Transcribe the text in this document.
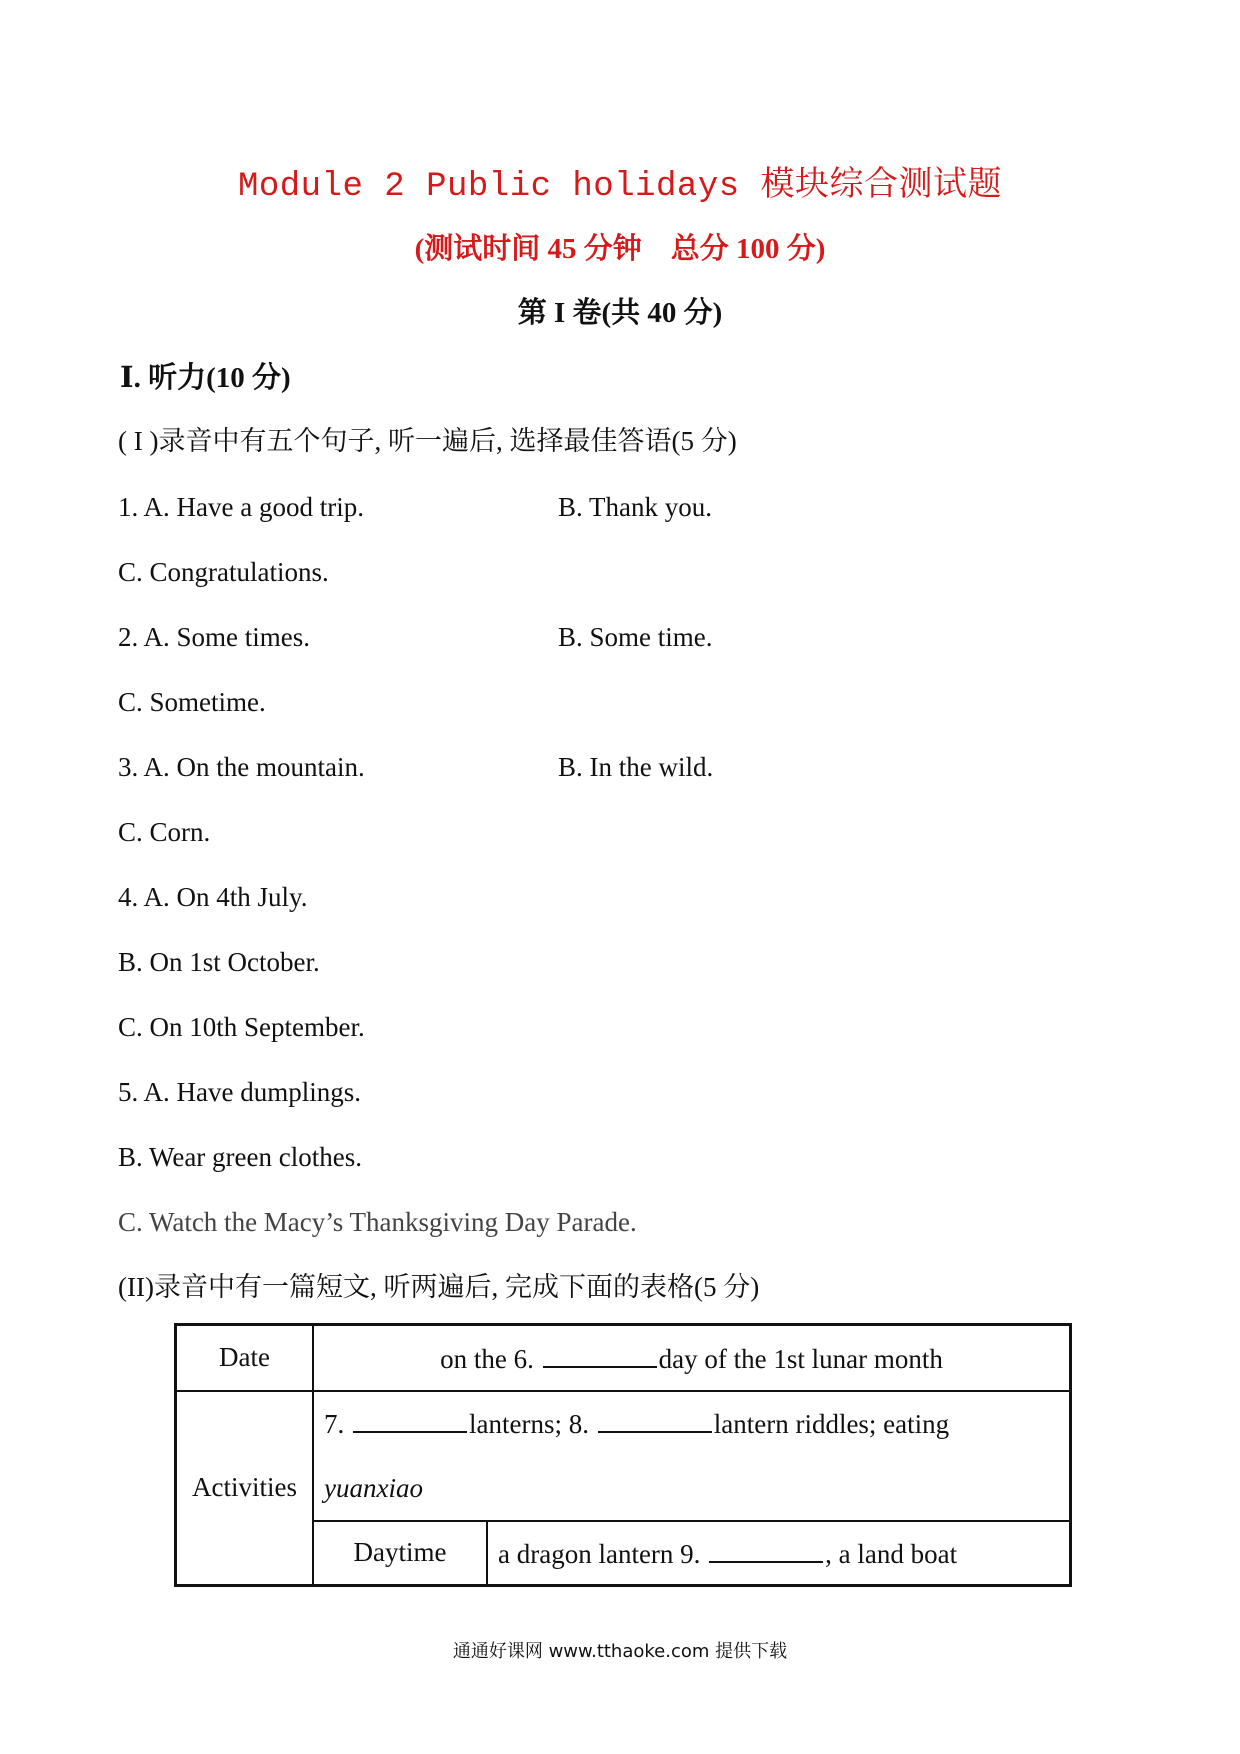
Module 2 Public holidays 模块综合测试题
(测试时间 45 分钟    总分 100 分)
第 I 卷(共 40 分)
Ⅰ. 听力(10 分)
( I )录音中有五个句子, 听一遍后, 选择最佳答语(5 分)
1. A. Have a good trip.	B. Thank you.
C. Congratulations.
2. A. Some times.	B. Some time.
C. Sometime.
3. A. On the mountain.	B. In the wild.
C. Corn.
4. A. On 4th July.
B. On 1st October.
C. On 10th September.
5. A. Have dumplings.
B. Wear green clothes.
C. Watch the Macy’s Thanksgiving Day Parade.
(II)录音中有一篇短文, 听两遍后, 完成下面的表格(5 分)
Date	on the 6. day of the 1st lunar month	
Activities	7. lanterns; 8. lantern riddles; eating
yuanxiao	
	Daytime	a dragon lantern 9. , a land boat
通通好课网 www.tthaoke.com 提供下载
